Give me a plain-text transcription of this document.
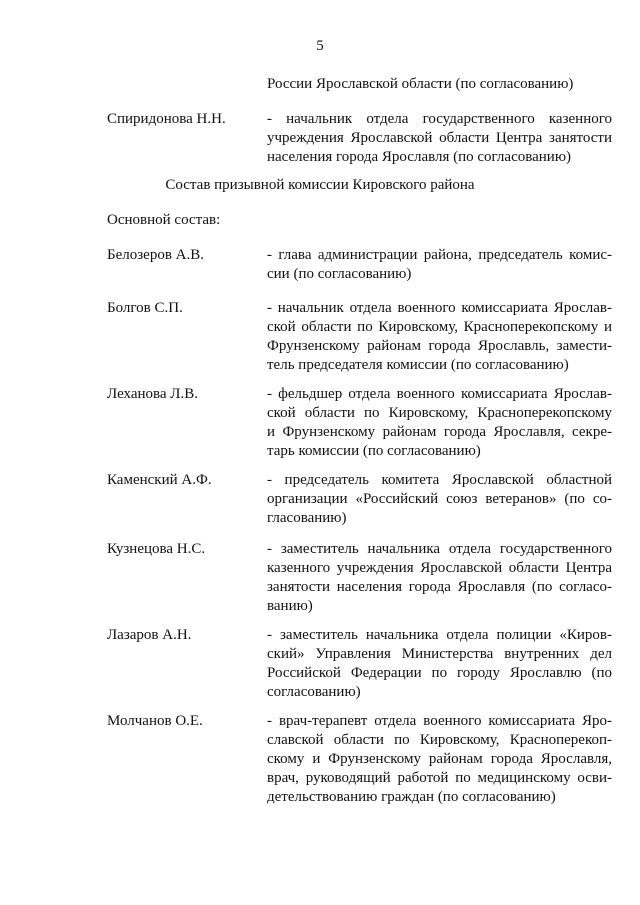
5
России Ярославской области (по согласованию)
Спиридонова Н.Н.	- начальник отдела государственного казенного
учреждения Ярославской области Центра занятости
населения города Ярославля (по согласованию)
Состав призывной комиссии Кировского района
Основной состав:
Белозеров А.В.	- глава администрации района, председатель комис-
сии (по согласованию)
Болгов С.П.	- начальник отдела военного комиссариата Ярослав-
ской области по Кировскому, Красноперекопскому и
Фрунзенскому районам города Ярославль, замести-
тель председателя комиссии (по согласованию)
Леханова Л.В.	- фельдшер отдела военного комиссариата Ярослав-
ской области по Кировскому, Красноперекопскому
и Фрунзенскому районам города Ярославля, секре-
тарь комиссии (по согласованию)
Каменский А.Ф.	- председатель комитета Ярославской областной
организации «Российский союз ветеранов» (по со-
гласованию)
Кузнецова Н.С.	- заместитель начальника отдела государственного
казенного учреждения Ярославской области Центра
занятости населения города Ярославля (по согласо-
ванию)
Лазаров А.Н.	- заместитель начальника отдела полиции «Киров-
ский» Управления Министерства внутренних дел
Российской Федерации по городу Ярославлю (по
согласованию)
Молчанов О.Е.	- врач-терапевт отдела военного комиссариата Яро-
славской области по Кировскому, Красноперекоп-
скому и Фрунзенскому районам города Ярославля,
врач, руководящий работой по медицинскому осви-
детельствованию граждан (по согласованию)
